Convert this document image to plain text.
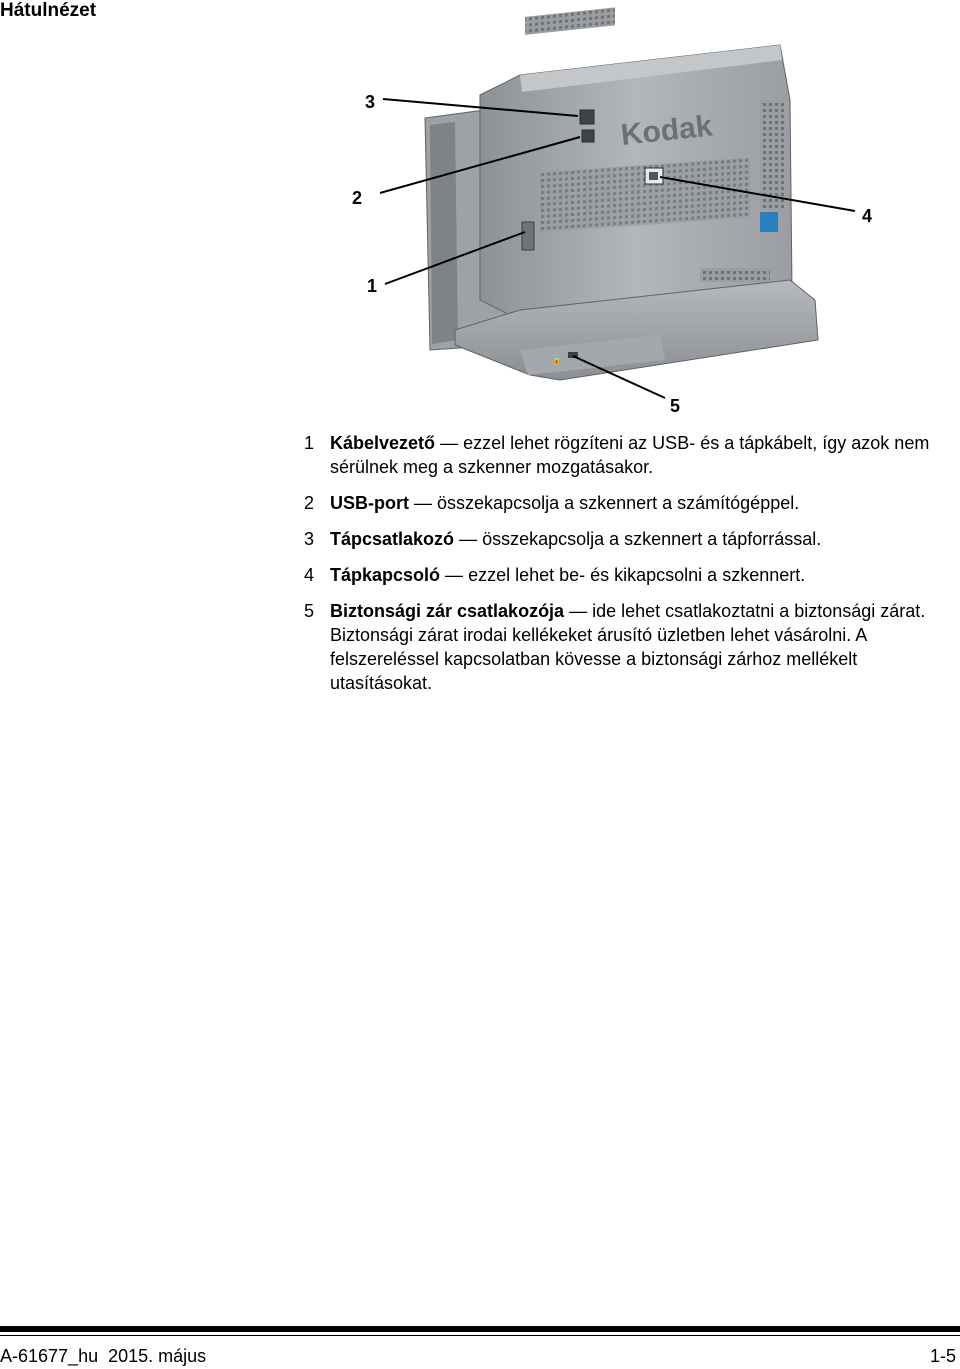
Hátulnézet
Kodak
🔒
3
2
1
4
5
1 Kábelvezető — ezzel lehet rögzíteni az USB- és a tápkábelt, így azok nem sérülnek meg a szkenner mozgatásakor.
2 USB-port — összekapcsolja a szkennert a számítógéppel.
3 Tápcsatlakozó — összekapcsolja a szkennert a tápforrással.
4 Tápkapcsoló — ezzel lehet be- és kikapcsolni a szkennert.
5 Biztonsági zár csatlakozója — ide lehet csatlakoztatni a biztonsági zárat. Biztonsági zárat irodai kellékeket árusító üzletben lehet vásárolni. A felszereléssel kapcsolatban kövesse a biztonsági zárhoz mellékelt utasításokat.
A-61677_hu  2015. május	1-5
